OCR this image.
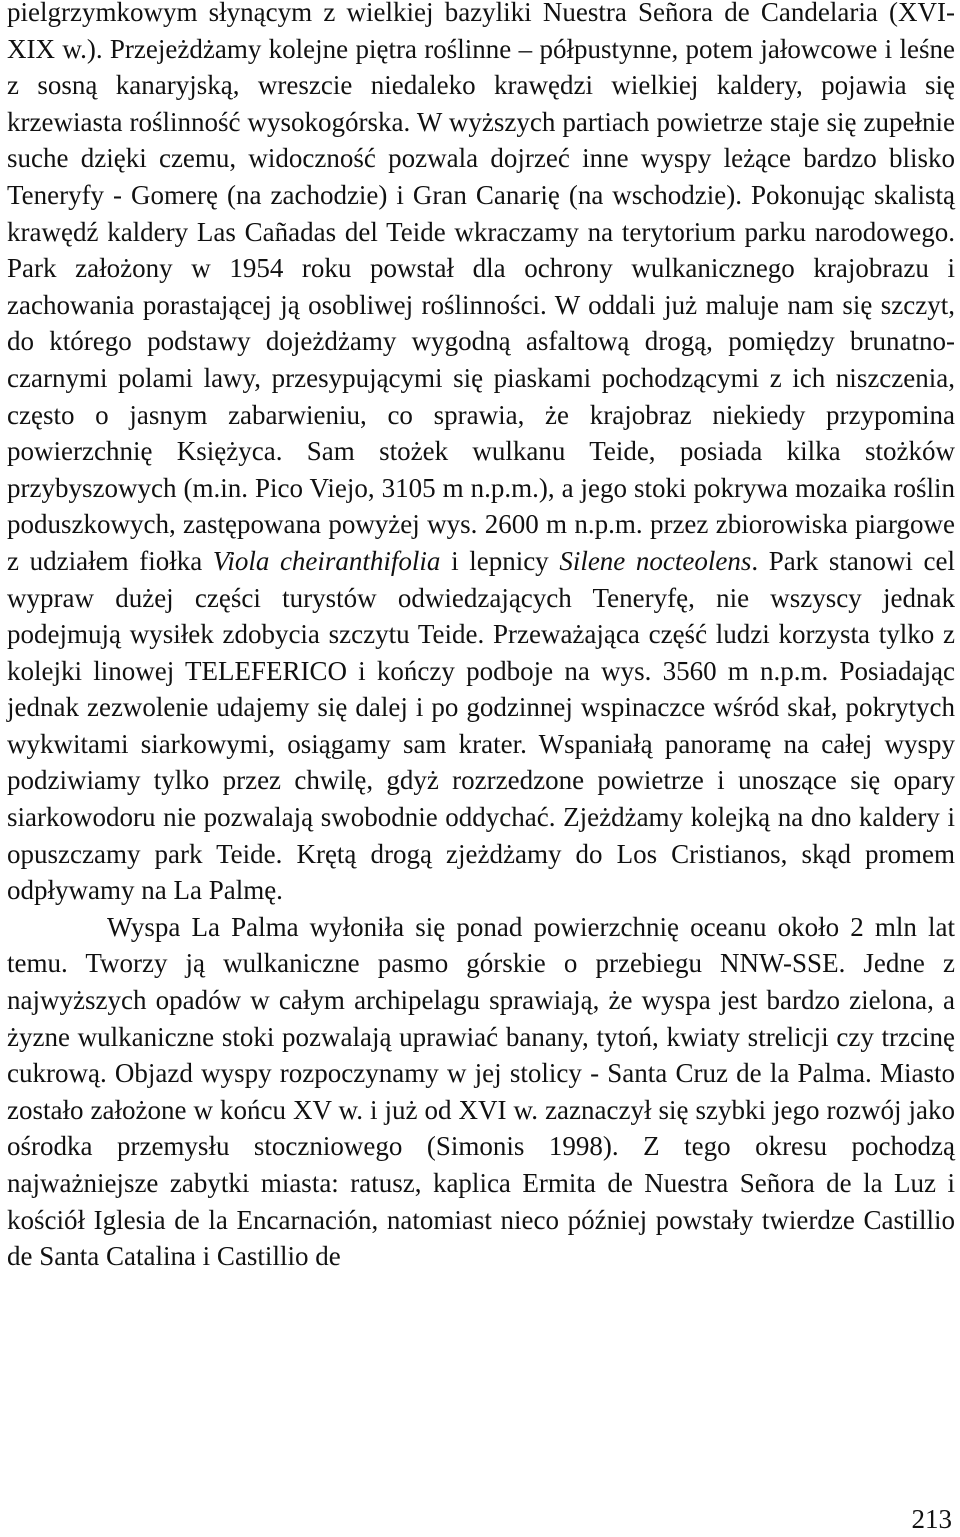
pielgrzymkowym słynącym z wielkiej bazyliki Nuestra Señora de Candelaria (XVI-XIX w.). Przejeżdżamy kolejne piętra roślinne – półpustynne, potem jałowcowe i leśne z sosną kanaryjską, wreszcie niedaleko krawędzi wielkiej kaldery, pojawia się krzewiasta roślinność wysokogórska. W wyższych partiach powietrze staje się zupełnie suche dzięki czemu, widoczność pozwala dojrzeć inne wyspy leżące bardzo blisko Teneryfy - Gomerę (na zachodzie) i Gran Canarię (na wschodzie). Pokonując skalistą krawędź kaldery Las Cañadas del Teide wkraczamy na terytorium parku narodowego. Park założony w 1954 roku powstał dla ochrony wulkanicznego krajobrazu i zachowania porastającej ją osobliwej roślinności. W oddali już maluje nam się szczyt, do którego podstawy dojeżdżamy wygodną asfaltową drogą, pomiędzy brunatno-czarnymi polami lawy, przesypującymi się piaskami pochodzącymi z ich niszczenia, często o jasnym zabarwieniu, co sprawia, że krajobraz niekiedy przypomina powierzchnię Księżyca. Sam stożek wulkanu Teide, posiada kilka stożków przybyszowych (m.in. Pico Viejo, 3105 m n.p.m.), a jego stoki pokrywa mozaika roślin poduszkowych, zastępowana powyżej wys. 2600 m n.p.m. przez zbiorowiska piargowe z udziałem fiołka Viola cheiranthifolia i lepnicy Silene nocteolens. Park stanowi cel wypraw dużej części turystów odwiedzających Teneryfę, nie wszyscy jednak podejmują wysiłek zdobycia szczytu Teide. Przeważająca część ludzi korzysta tylko z kolejki linowej TELEFERICO i kończy podboje na wys. 3560 m n.p.m. Posiadając jednak zezwolenie udajemy się dalej i po godzinnej wspinaczce wśród skał, pokrytych wykwitami siarkowymi, osiągamy sam krater. Wspaniałą panoramę na całej wyspy podziwiamy tylko przez chwilę, gdyż rozrzedzone powietrze i unoszące się opary siarkowodoru nie pozwalają swobodnie oddychać. Zjeżdżamy kolejką na dno kaldery i opuszczamy park Teide. Krętą drogą zjeżdżamy do Los Cristianos, skąd promem odpływamy na La Palmę.

Wyspa La Palma wyłoniła się ponad powierzchnię oceanu około 2 mln lat temu. Tworzy ją wulkaniczne pasmo górskie o przebiegu NNW-SSE. Jedne z najwyższych opadów w całym archipelagu sprawiają, że wyspa jest bardzo zielona, a żyzne wulkaniczne stoki pozwalają uprawiać banany, tytoń, kwiaty strelicji czy trzcinę cukrową. Objazd wyspy rozpoczynamy w jej stolicy - Santa Cruz de la Palma. Miasto zostało założone w końcu XV w. i już od XVI w. zaznaczył się szybki jego rozwój jako ośrodka przemysłu stoczniowego (Simonis 1998). Z tego okresu pochodzą najważniejsze zabytki miasta: ratusz, kaplica Ermita de Nuestra Señora de la Luz i kościół Iglesia de la Encarnación, natomiast nieco później powstały twierdze Castillio de Santa Catalina i Castillio de

213
